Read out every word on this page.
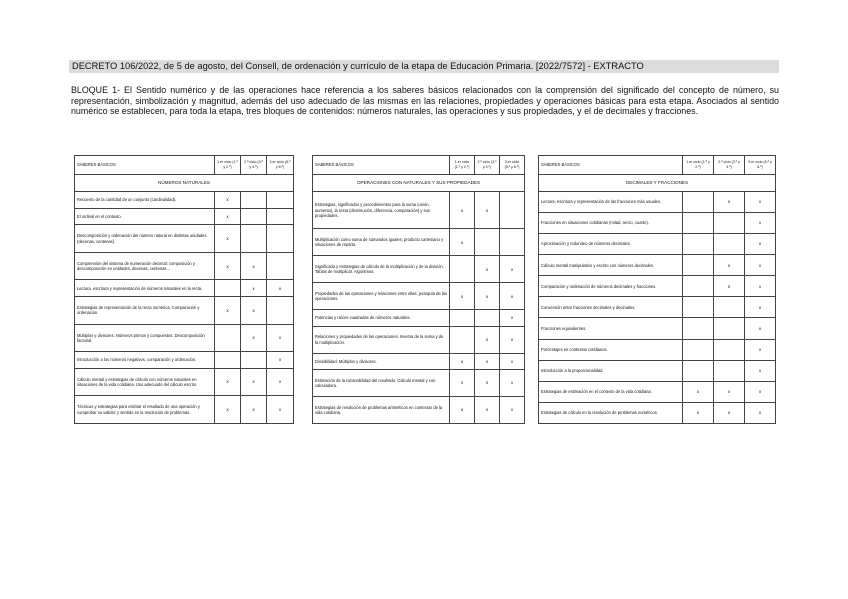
DECRETO 106/2022, de 5 de agosto, del Consell, de ordenación y currículo de la etapa de Educación Primaria. [2022/7572] - EXTRACTO
BLOQUE 1- El Sentido numérico y de las operaciones hace referencia a los saberes básicos relacionados con la comprensión del significado del concepto de número, su representación, simbolización y magnitud, además del uso adecuado de las mismas en las relaciones, propiedades y operaciones básicas para esta etapa. Asociados al sentido numérico se establecen, para toda la etapa, tres bloques de contenidos: números naturales, las operaciones y sus propiedades, y el de decimales y fracciones.
SABERES BÁSICOS	1.er ciclo (1.º y 2.º)	2.º ciclo (3.º y 4.º)	3.er ciclo (5.º y 6.º)
NÚMEROS NATURALES			
Recuento de la cantidad de un conjunto (cardinalidad).	x		
El ordinal en el contexto.	x		
Descomposición y ordenación del número natural en distintas unidades (decenas, centenas).	x		
Comprensión del sistema de numeración decimal: composición y descomposición en unidades, decenas, centenas...	x	x	
Lectura, escritura y representación de números naturales en la recta.		x	x
Estrategias de representación de la recta numérica. Comparación y ordenación.	x	x	
Múltiplos y divisores. Números primos y compuestos. Descomposición factorial.		x	x
Introducción a los números negativos, comparación y ordenación.			x
Cálculo mental y estrategias de cálculo con números naturales en situaciones de la vida cotidiana. Uso adecuado del cálculo escrito.	x	x	x
Técnicas y estrategias para estimar el resultado de una operación y comprobar su validez y sentido en la resolución de problemas.	x	x	x
SABERES BÁSICOS	1.er ciclo (1.º y 2.º)	2.º ciclo (3.º y 4.º)	3.er ciclo (5.º y 6.º)
OPERACIONES CON NATURALES Y SUS PROPIEDADES			
Estrategias, significados y procedimientos para la suma (unión, aumento), la resta (disminución, diferencia, comparación) y sus propiedades.	x	x	
Multiplicación como suma de sumandos iguales; producto cartesiano y situaciones de reparto.	x		
Significado y estrategias de cálculo de la multiplicación y de la división. Tablas de multiplicar. Algoritmos.		x	x
Propiedades de las operaciones y relaciones entre ellas; jerarquía de las operaciones.	x	x	x
Potencias y raíces cuadradas de números naturales.			x
Relaciones y propiedades de las operaciones. Inversa de la suma y de la multiplicación.		x	x
Divisibilidad. Múltiplos y divisores.	x	x	x
Estimación de la razonabilidad del resultado. Cálculo mental y con calculadora.	x	x	x
Estrategias de resolución de problemas aritméticos en contextos de la vida cotidiana.	x	x	x
SABERES BÁSICOS	1.er ciclo (1.º y 2.º)	2.º ciclo (3.º y 4.º)	3.er ciclo (5.º y 6.º)
DECIMALES Y FRACCIONES			
Lectura, escritura y representación de las fracciones más usuales.		x	x
Fracciones en situaciones cotidianas (mitad, tercio, cuarto).			x
Aproximación y redondeo de números decimales.			x
Cálculo mental manipulativo y escrito con números decimales.		x	x
Comparación y ordenación de números decimales y fracciones.		x	x
Conversión entre fracciones decimales y decimales.			x
Fracciones equivalentes.			x
Porcentajes en contextos cotidianos.			x
Introducción a la proporcionalidad.			x
Estrategias de estimación en el contexto de la vida cotidiana.	x	x	x
Estrategias de cálculo en la resolución de problemas numéricos.	x	x	x
